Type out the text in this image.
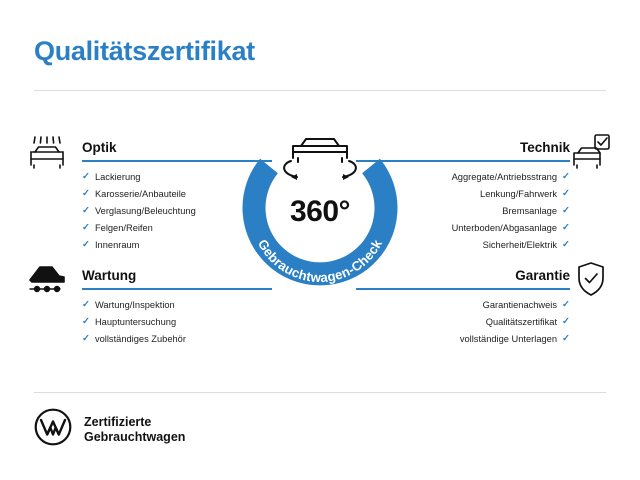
Qualitätszertifikat
Optik
✓ Lackierung
✓ Karosserie/Anbauteile
✓ Verglasung/Beleuchtung
✓ Felgen/Reifen
✓ Innenraum
Wartung
✓ Wartung/Inspektion
✓ Hauptuntersuchung
✓ vollständiges Zubehör
Technik
Aggregate/Antriebsstrang ✓
Lenkung/Fahrwerk ✓
Bremsanlage ✓
Unterboden/Abgasanlage ✓
Sicherheit/Elektrik ✓
Garantie
Garantienachweis ✓
Qualitätszertifikat ✓
vollständige Unterlagen ✓
Gebrauchtwagen-Check
360°
Zertifizierte
Gebrauchtwagen
